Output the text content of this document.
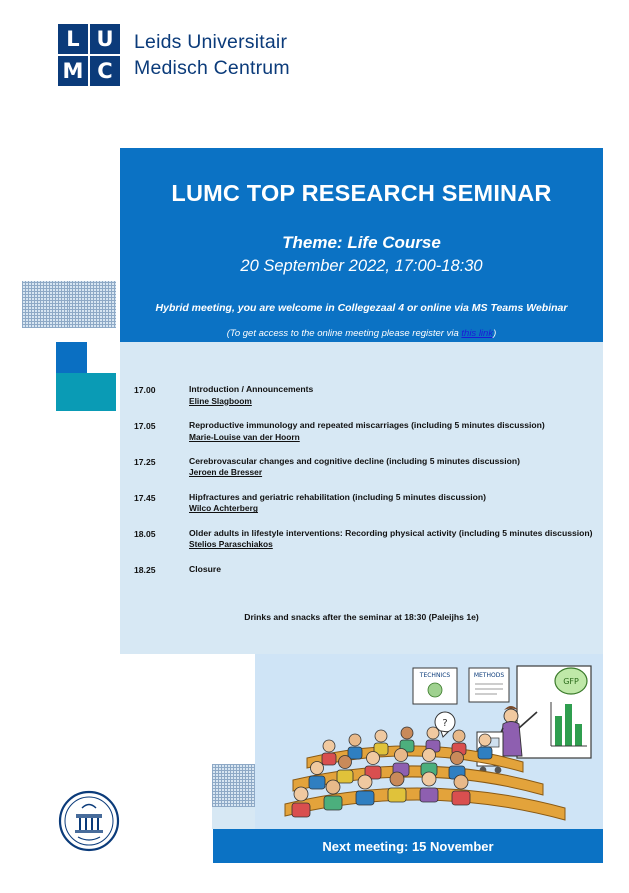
L U
M C
Leids Universitair
Medisch Centrum
LUMC TOP RESEARCH SEMINAR
Theme: Life Course
20 September 2022, 17:00-18:30
Hybrid meeting, you are welcome in Collegezaal 4 or online via MS Teams Webinar
(To get access to the online meeting please register via this link)
17.00	Introduction / Announcements
Eline Slagboom
17.05	Reproductive immunology and repeated miscarriages (including 5 minutes discussion)
Marie-Louise van der Hoorn
17.25	Cerebrovascular changes and cognitive decline (including 5 minutes discussion)
Jeroen de Bresser
17.45	Hipfractures and geriatric rehabilitation (including 5 minutes discussion)
Wilco Achterberg
18.05	Older adults in lifestyle interventions: Recording physical activity (including 5 minutes discussion)
Stelios Paraschiakos
18.25	Closure
Drinks and snacks after the seminar at 18:30 (Paleijhs 1e)
GFP
TECHNICS	METHODS
?
Next meeting: 15 November
